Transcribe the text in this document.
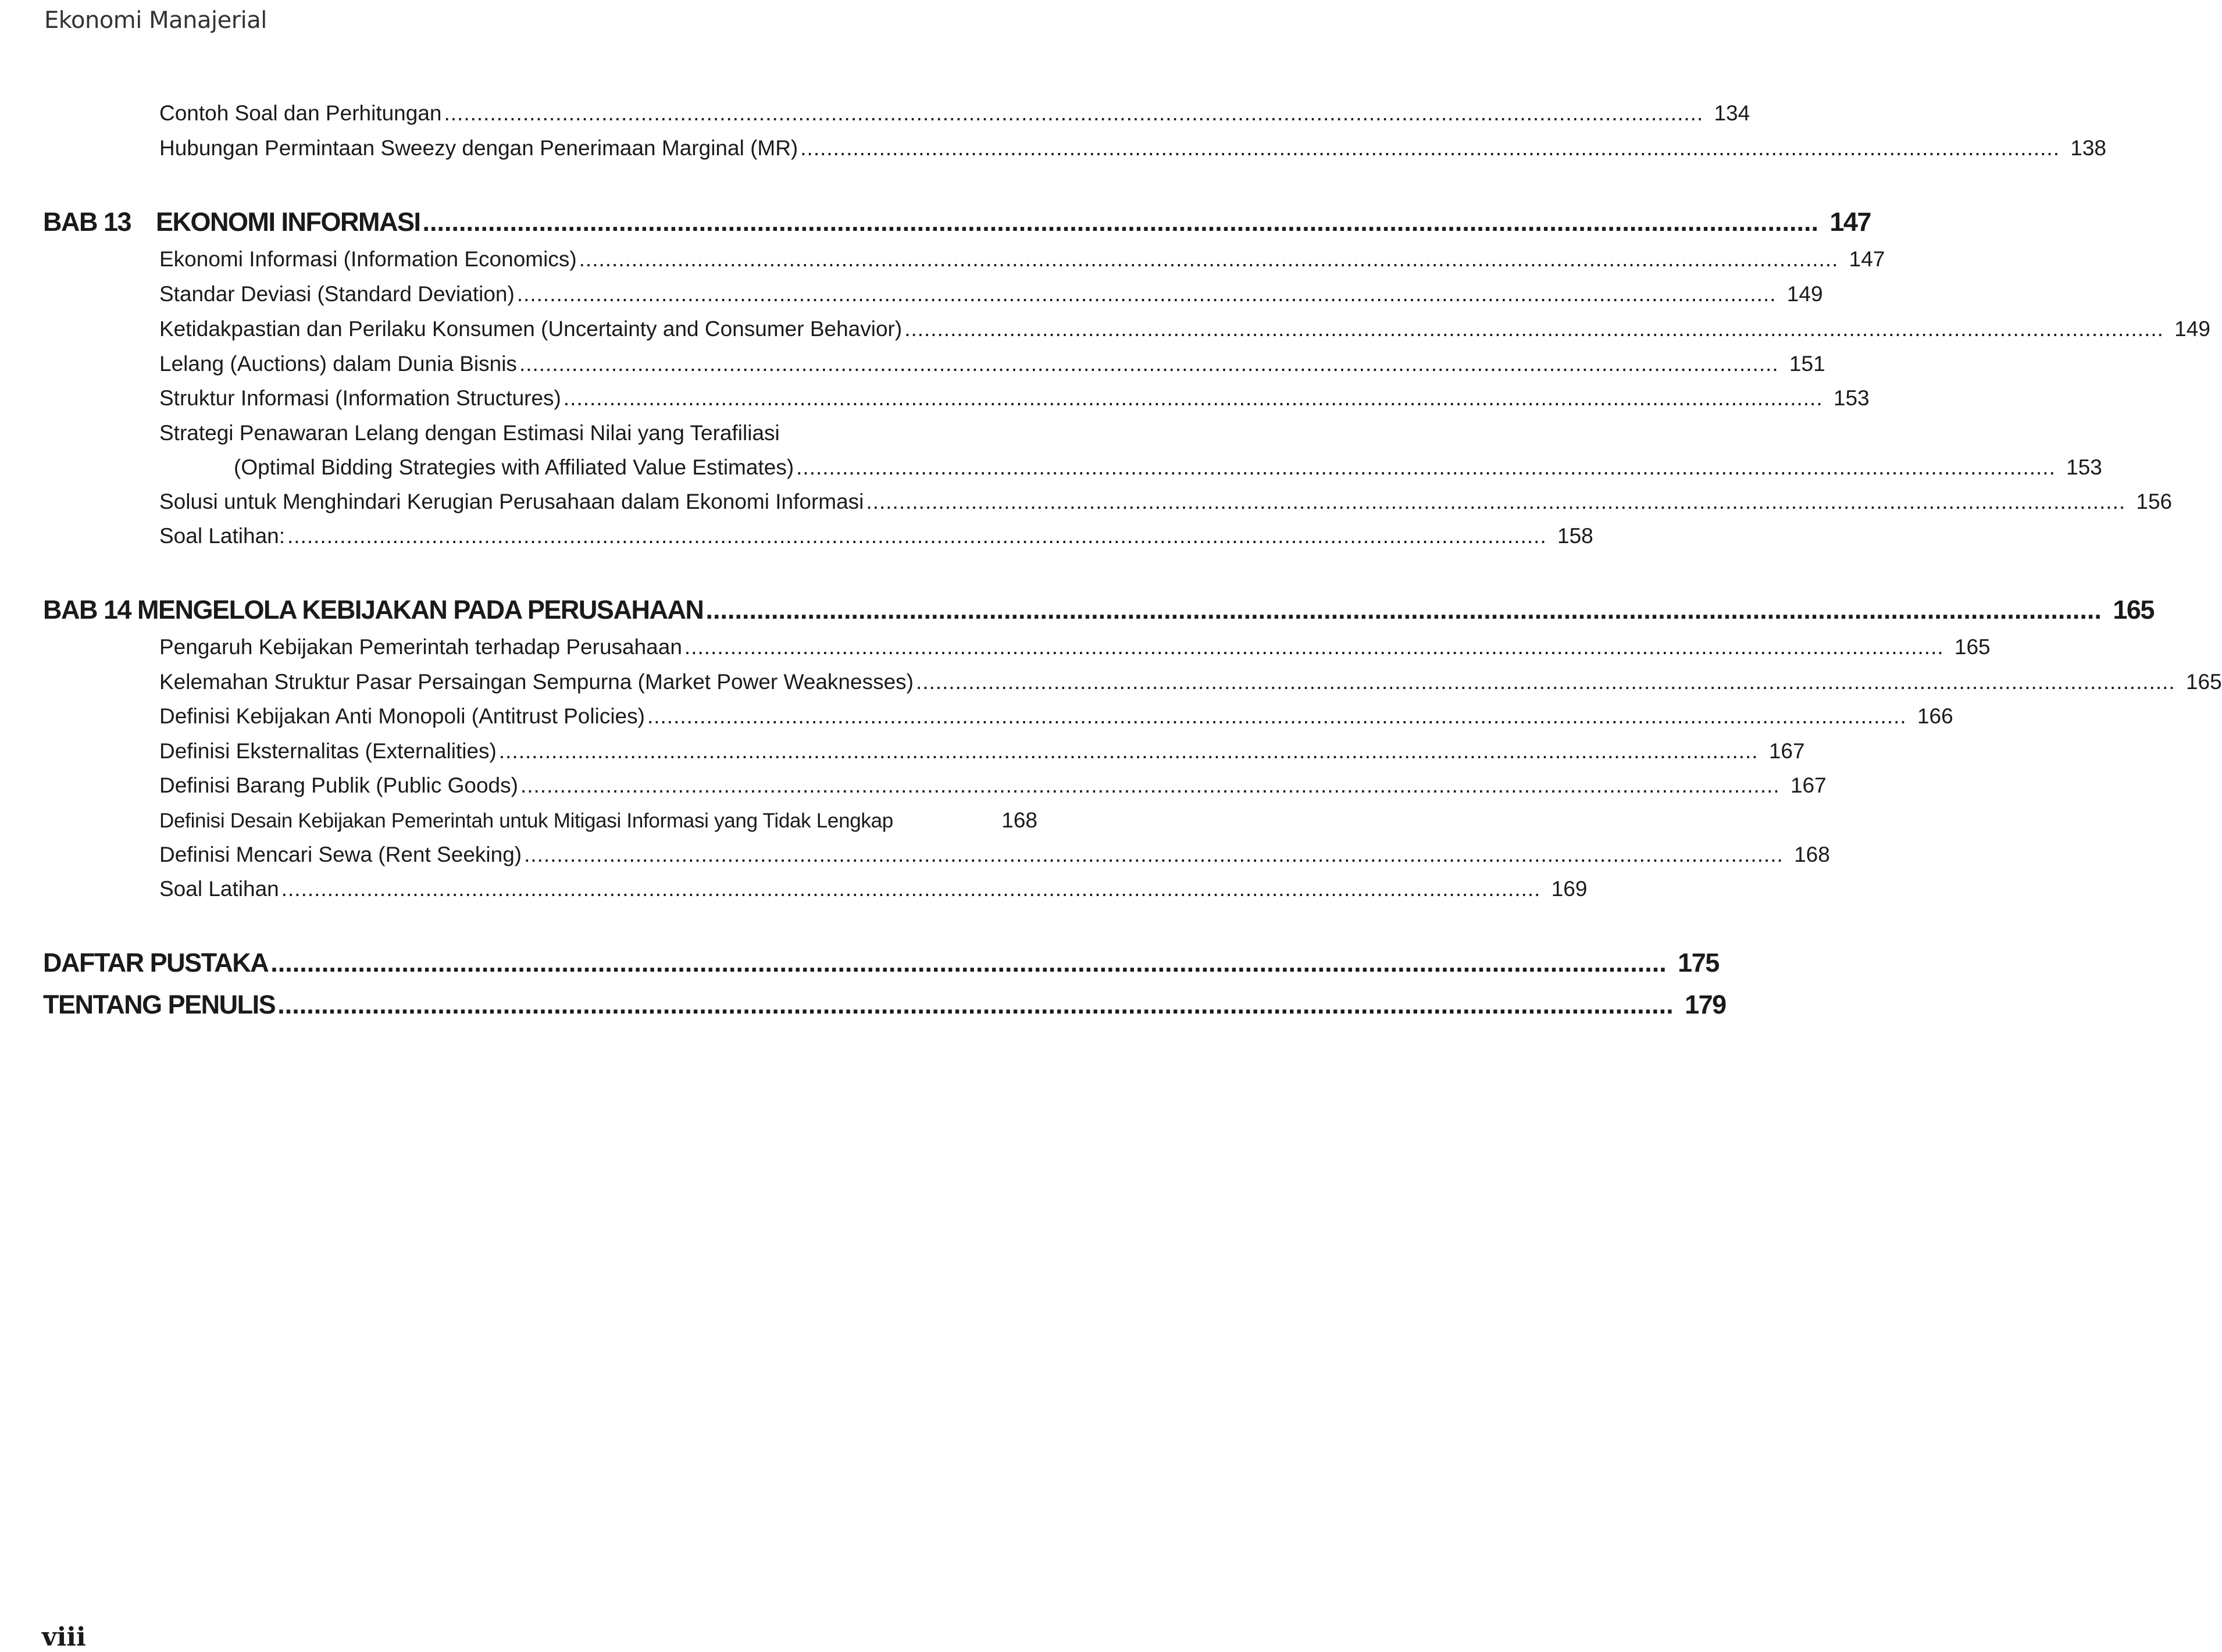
Ekonomi Manajerial
Contoh Soal dan Perhitungan ................................................................................................................................................................................................ 134
Hubungan Permintaan Sweezy dengan Penerimaan Marginal (MR) ................................................................................................................................................................................................ 138
BAB 13 EKONOMI INFORMASI ................................................................................................................................................................................................ 147
Ekonomi Informasi (Information Economics) ................................................................................................................................................................................................ 147
Standar Deviasi (Standard Deviation) ................................................................................................................................................................................................ 149
Ketidakpastian dan Perilaku Konsumen (Uncertainty and Consumer Behavior) ................................................................................................................................................................................................ 149
Lelang (Auctions) dalam Dunia Bisnis ................................................................................................................................................................................................ 151
Struktur Informasi (Information Structures) ................................................................................................................................................................................................ 153
Strategi Penawaran Lelang dengan Estimasi Nilai yang Terafiliasi
(Optimal Bidding Strategies with Affiliated Value Estimates) ................................................................................................................................................................................................ 153
Solusi untuk Menghindari Kerugian Perusahaan dalam Ekonomi Informasi ................................................................................................................................................................................................ 156
Soal Latihan: ................................................................................................................................................................................................ 158
BAB 14 MENGELOLA KEBIJAKAN PADA PERUSAHAAN ................................................................................................................................................................................................ 165
Pengaruh Kebijakan Pemerintah terhadap Perusahaan ................................................................................................................................................................................................ 165
Kelemahan Struktur Pasar Persaingan Sempurna (Market Power Weaknesses) ................................................................................................................................................................................................ 165
Definisi Kebijakan Anti Monopoli (Antitrust Policies) ................................................................................................................................................................................................ 166
Definisi Eksternalitas (Externalities) ................................................................................................................................................................................................ 167
Definisi Barang Publik (Public Goods) ................................................................................................................................................................................................ 167
Definisi Desain Kebijakan Pemerintah untuk Mitigasi Informasi yang Tidak Lengkap	168
Definisi Mencari Sewa (Rent Seeking) ................................................................................................................................................................................................ 168
Soal Latihan ................................................................................................................................................................................................ 169
DAFTAR PUSTAKA ................................................................................................................................................................................................ 175
TENTANG PENULIS ................................................................................................................................................................................................ 179
viii
